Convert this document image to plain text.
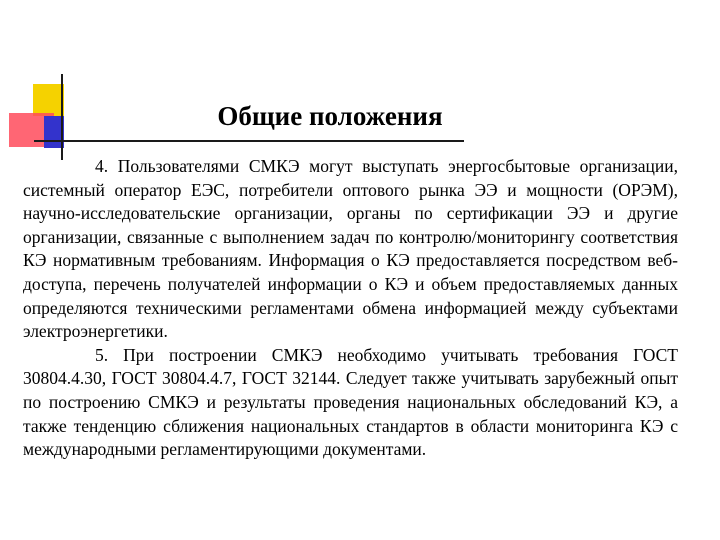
Общие положения

4. Пользователями СМКЭ могут выступать энергосбытовые организации, системный оператор ЕЭС, потребители оптового рынка ЭЭ и мощности (ОРЭМ), научно-исследовательские организации, органы по сертификации ЭЭ и другие организации, связанные с выполнением задач по контролю/мониторингу соответствия КЭ нормативным требованиям. Информация о КЭ предоставляется посредством веб-доступа, перечень получателей информации о КЭ и объем предоставляемых данных определяются техническими регламентами обмена информацией между субъектами электроэнергетики.

5. При построении СМКЭ необходимо учитывать требования ГОСТ 30804.4.30, ГОСТ 30804.4.7, ГОСТ 32144. Следует также учитывать зарубежный опыт по построению СМКЭ и результаты проведения национальных обследований КЭ, а также тенденцию сближения национальных стандартов в области мониторинга КЭ с международными регламентирующими документами.
